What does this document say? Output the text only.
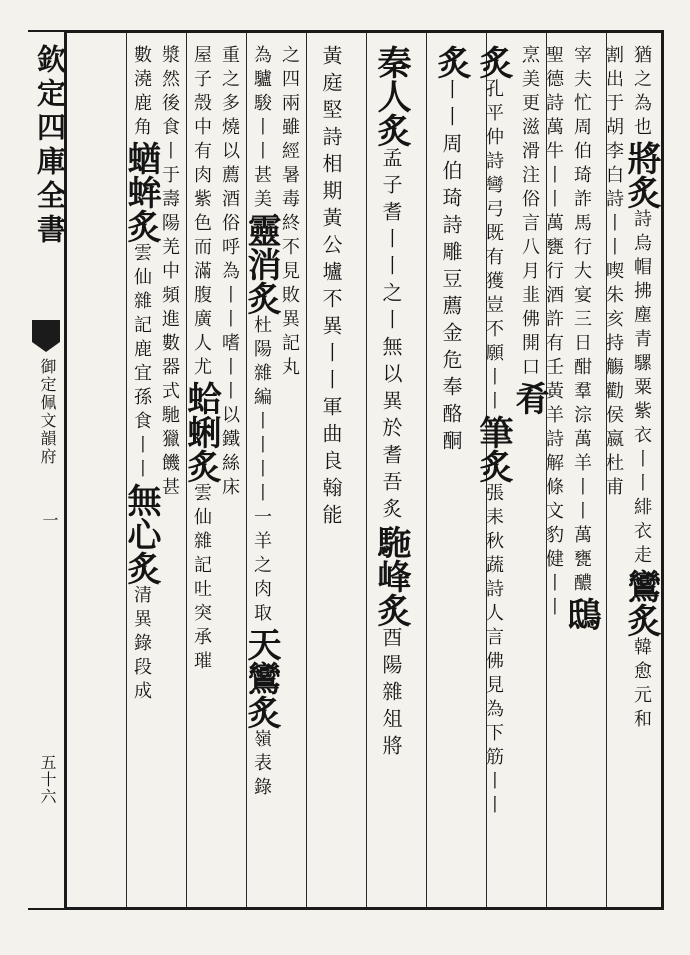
欽定四庫全書
御定佩文韻府
一
五十六
割出于胡李白詩丨丨喫朱亥持觴勸侯嬴杜甫
猶之為也將炙詩烏帽拂塵青騾粟紫衣丨丨緋衣走鸞炙韓愈元和
聖德詩萬牛丨丨萬甕行酒許有壬黃羊詩解條文豹健丨丨 宰夫忙周伯琦詐馬行大宴三日酣羣淙萬羊丨丨萬甕醲鴟
炙孔平仲詩彎弓既有獲豈不願丨丨筆炙張耒秋蔬詩人言佛見為下筋丨丨
烹美更滋滑注俗言八月韭佛開口肴
炙丨丨周伯琦詩雕豆薦金危奉酪酮
秦人炙孟子耆丨丨之丨無以異於耆吾炙駞峰炙酉陽雜俎將
黃庭堅詩相期黃公壚不異丨丨軍曲良翰能
為驢駿丨丨甚美靈消炙杜陽雜編丨丨丨丨一羊之肉取天鸞炙嶺表錄
之四兩雖經暑毒終不見敗異記丸
屋子殼中有肉紫色而滿腹廣人尤蛤蜊炙雲仙雜記吐突承璀
重之多燒以薦酒俗呼為丨丨嗜丨丨以鐵絲床
數澆鹿角蝤蛑炙雲仙雜記鹿宜孫食丨丨無心炙清異錄段成
漿然後食丨于壽陽羌中頻進數器式馳獵饑甚
